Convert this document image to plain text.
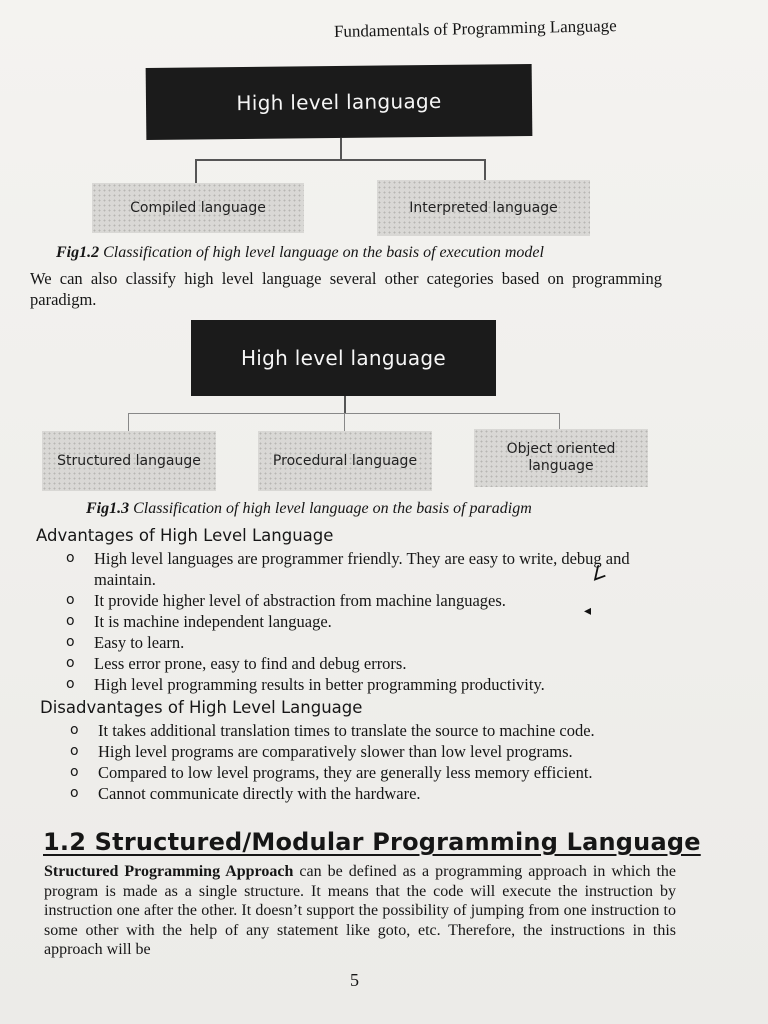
Fundamentals of Programming Language
High level language
Compiled language	Interpreted language
Fig1.2 Classification of high level language on the basis of execution model
We can also classify high level language several other categories based on programming paradigm.
High level language
Structured langauge	Procedural language
Object oriented language
Fig1.3 Classification of high level language on the basis of paradigm
Advantages of High Level Language
o High level languages are programmer friendly. They are easy to write, debug and maintain.
o It provide higher level of abstraction from machine languages.
o It is machine independent language.
o Easy to learn.
o Less error prone, easy to find and debug errors.
o High level programming results in better programming productivity.
∠
◂
Disadvantages of High Level Language
o It takes additional translation times to translate the source to machine code.
o High level programs are comparatively slower than low level programs.
o Compared to low level programs, they are generally less memory efficient.
o Cannot communicate directly with the hardware.
1.2 Structured/Modular Programming Language
Structured Programming Approach can be defined as a programming approach in which the program is made as a single structure. It means that the code will execute the instruction by instruction one after the other. It doesn’t support the possibility of jumping from one instruction to some other with the help of any statement like goto, etc. Therefore, the instructions in this approach will be
5
